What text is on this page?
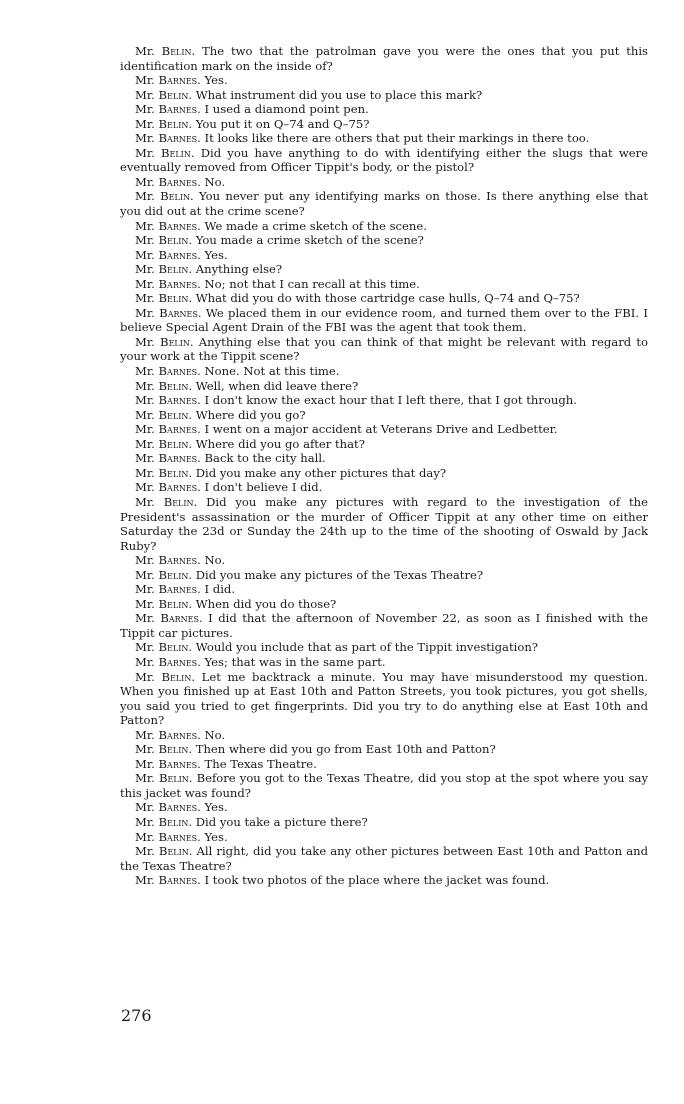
Mr. Belin. The two that the patrolman gave you were the ones that you put this identification mark on the inside of?

Mr. Barnes. Yes.

Mr. Belin. What instrument did you use to place this mark?

Mr. Barnes. I used a diamond point pen.

Mr. Belin. You put it on Q–74 and Q–75?

Mr. Barnes. It looks like there are others that put their markings in there too.

Mr. Belin. Did you have anything to do with identifying either the slugs that were eventually removed from Officer Tippit's body, or the pistol?

Mr. Barnes. No.

Mr. Belin. You never put any identifying marks on those. Is there anything else that you did out at the crime scene?

Mr. Barnes. We made a crime sketch of the scene.

Mr. Belin. You made a crime sketch of the scene?

Mr. Barnes. Yes.

Mr. Belin. Anything else?

Mr. Barnes. No; not that I can recall at this time.

Mr. Belin. What did you do with those cartridge case hulls, Q–74 and Q–75?

Mr. Barnes. We placed them in our evidence room, and turned them over to the FBI. I believe Special Agent Drain of the FBI was the agent that took them.

Mr. Belin. Anything else that you can think of that might be relevant with regard to your work at the Tippit scene?

Mr. Barnes. None. Not at this time.

Mr. Belin. Well, when did leave there?

Mr. Barnes. I don't know the exact hour that I left there, that I got through.

Mr. Belin. Where did you go?

Mr. Barnes. I went on a major accident at Veterans Drive and Ledbetter.

Mr. Belin. Where did you go after that?

Mr. Barnes. Back to the city hall.

Mr. Belin. Did you make any other pictures that day?

Mr. Barnes. I don't believe I did.

Mr. Belin. Did you make any pictures with regard to the investigation of the President's assassination or the murder of Officer Tippit at any other time on either Saturday the 23d or Sunday the 24th up to the time of the shooting of Oswald by Jack Ruby?

Mr. Barnes. No.

Mr. Belin. Did you make any pictures of the Texas Theatre?

Mr. Barnes. I did.

Mr. Belin. When did you do those?

Mr. Barnes. I did that the afternoon of November 22, as soon as I finished with the Tippit car pictures.

Mr. Belin. Would you include that as part of the Tippit investigation?

Mr. Barnes. Yes; that was in the same part.

Mr. Belin. Let me backtrack a minute. You may have misunderstood my question. When you finished up at East 10th and Patton Streets, you took pictures, you got shells, you said you tried to get fingerprints. Did you try to do anything else at East 10th and Patton?

Mr. Barnes. No.

Mr. Belin. Then where did you go from East 10th and Patton?

Mr. Barnes. The Texas Theatre.

Mr. Belin. Before you got to the Texas Theatre, did you stop at the spot where you say this jacket was found?

Mr. Barnes. Yes.

Mr. Belin. Did you take a picture there?

Mr. Barnes. Yes.

Mr. Belin. All right, did you take any other pictures between East 10th and Patton and the Texas Theatre?

Mr. Barnes. I took two photos of the place where the jacket was found.

276
